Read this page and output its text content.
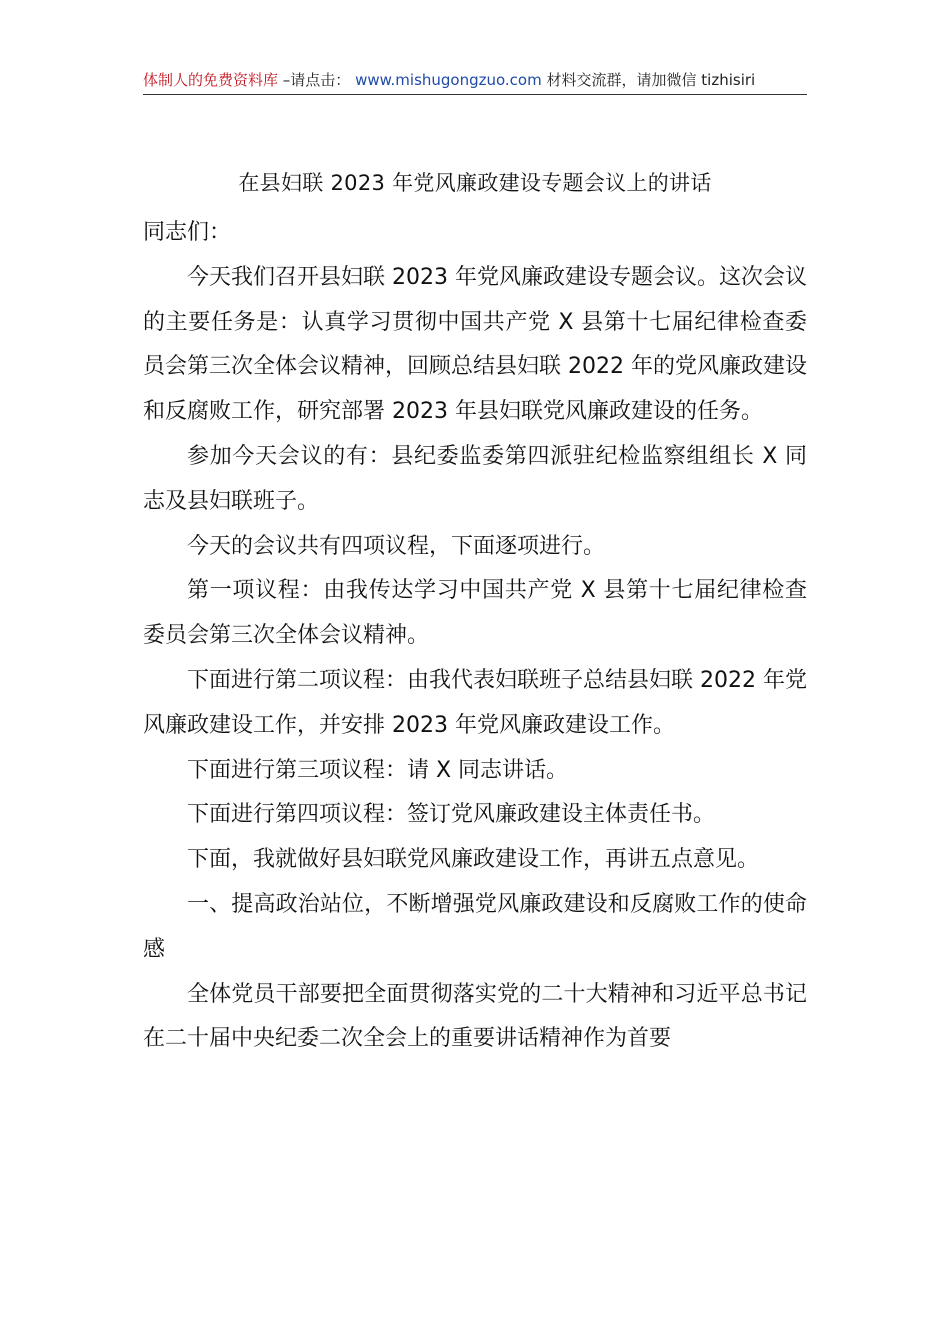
体制人的免费资料库 –请点击： www.mishugongzuo.com 材料交流群，请加微信 tizhisiri
在县妇联 2023 年党风廉政建设专题会议上的讲话

同志们：

今天我们召开县妇联 2023 年党风廉政建设专题会议。这次会议的主要任务是：认真学习贯彻中国共产党 X 县第十七届纪律检查委员会第三次全体会议精神，回顾总结县妇联 2022 年的党风廉政建设和反腐败工作，研究部署 2023 年县妇联党风廉政建设的任务。

参加今天会议的有：县纪委监委第四派驻纪检监察组组长 X 同志及县妇联班子。

今天的会议共有四项议程，下面逐项进行。

第一项议程：由我传达学习中国共产党 X 县第十七届纪律检查委员会第三次全体会议精神。

下面进行第二项议程：由我代表妇联班子总结县妇联 2022 年党风廉政建设工作，并安排 2023 年党风廉政建设工作。

下面进行第三项议程：请 X 同志讲话。

下面进行第四项议程：签订党风廉政建设主体责任书。

下面，我就做好县妇联党风廉政建设工作，再讲五点意见。

一、提高政治站位，不断增强党风廉政建设和反腐败工作的使命感

全体党员干部要把全面贯彻落实党的二十大精神和习近平总书记在二十届中央纪委二次全会上的重要讲话精神作为首要
